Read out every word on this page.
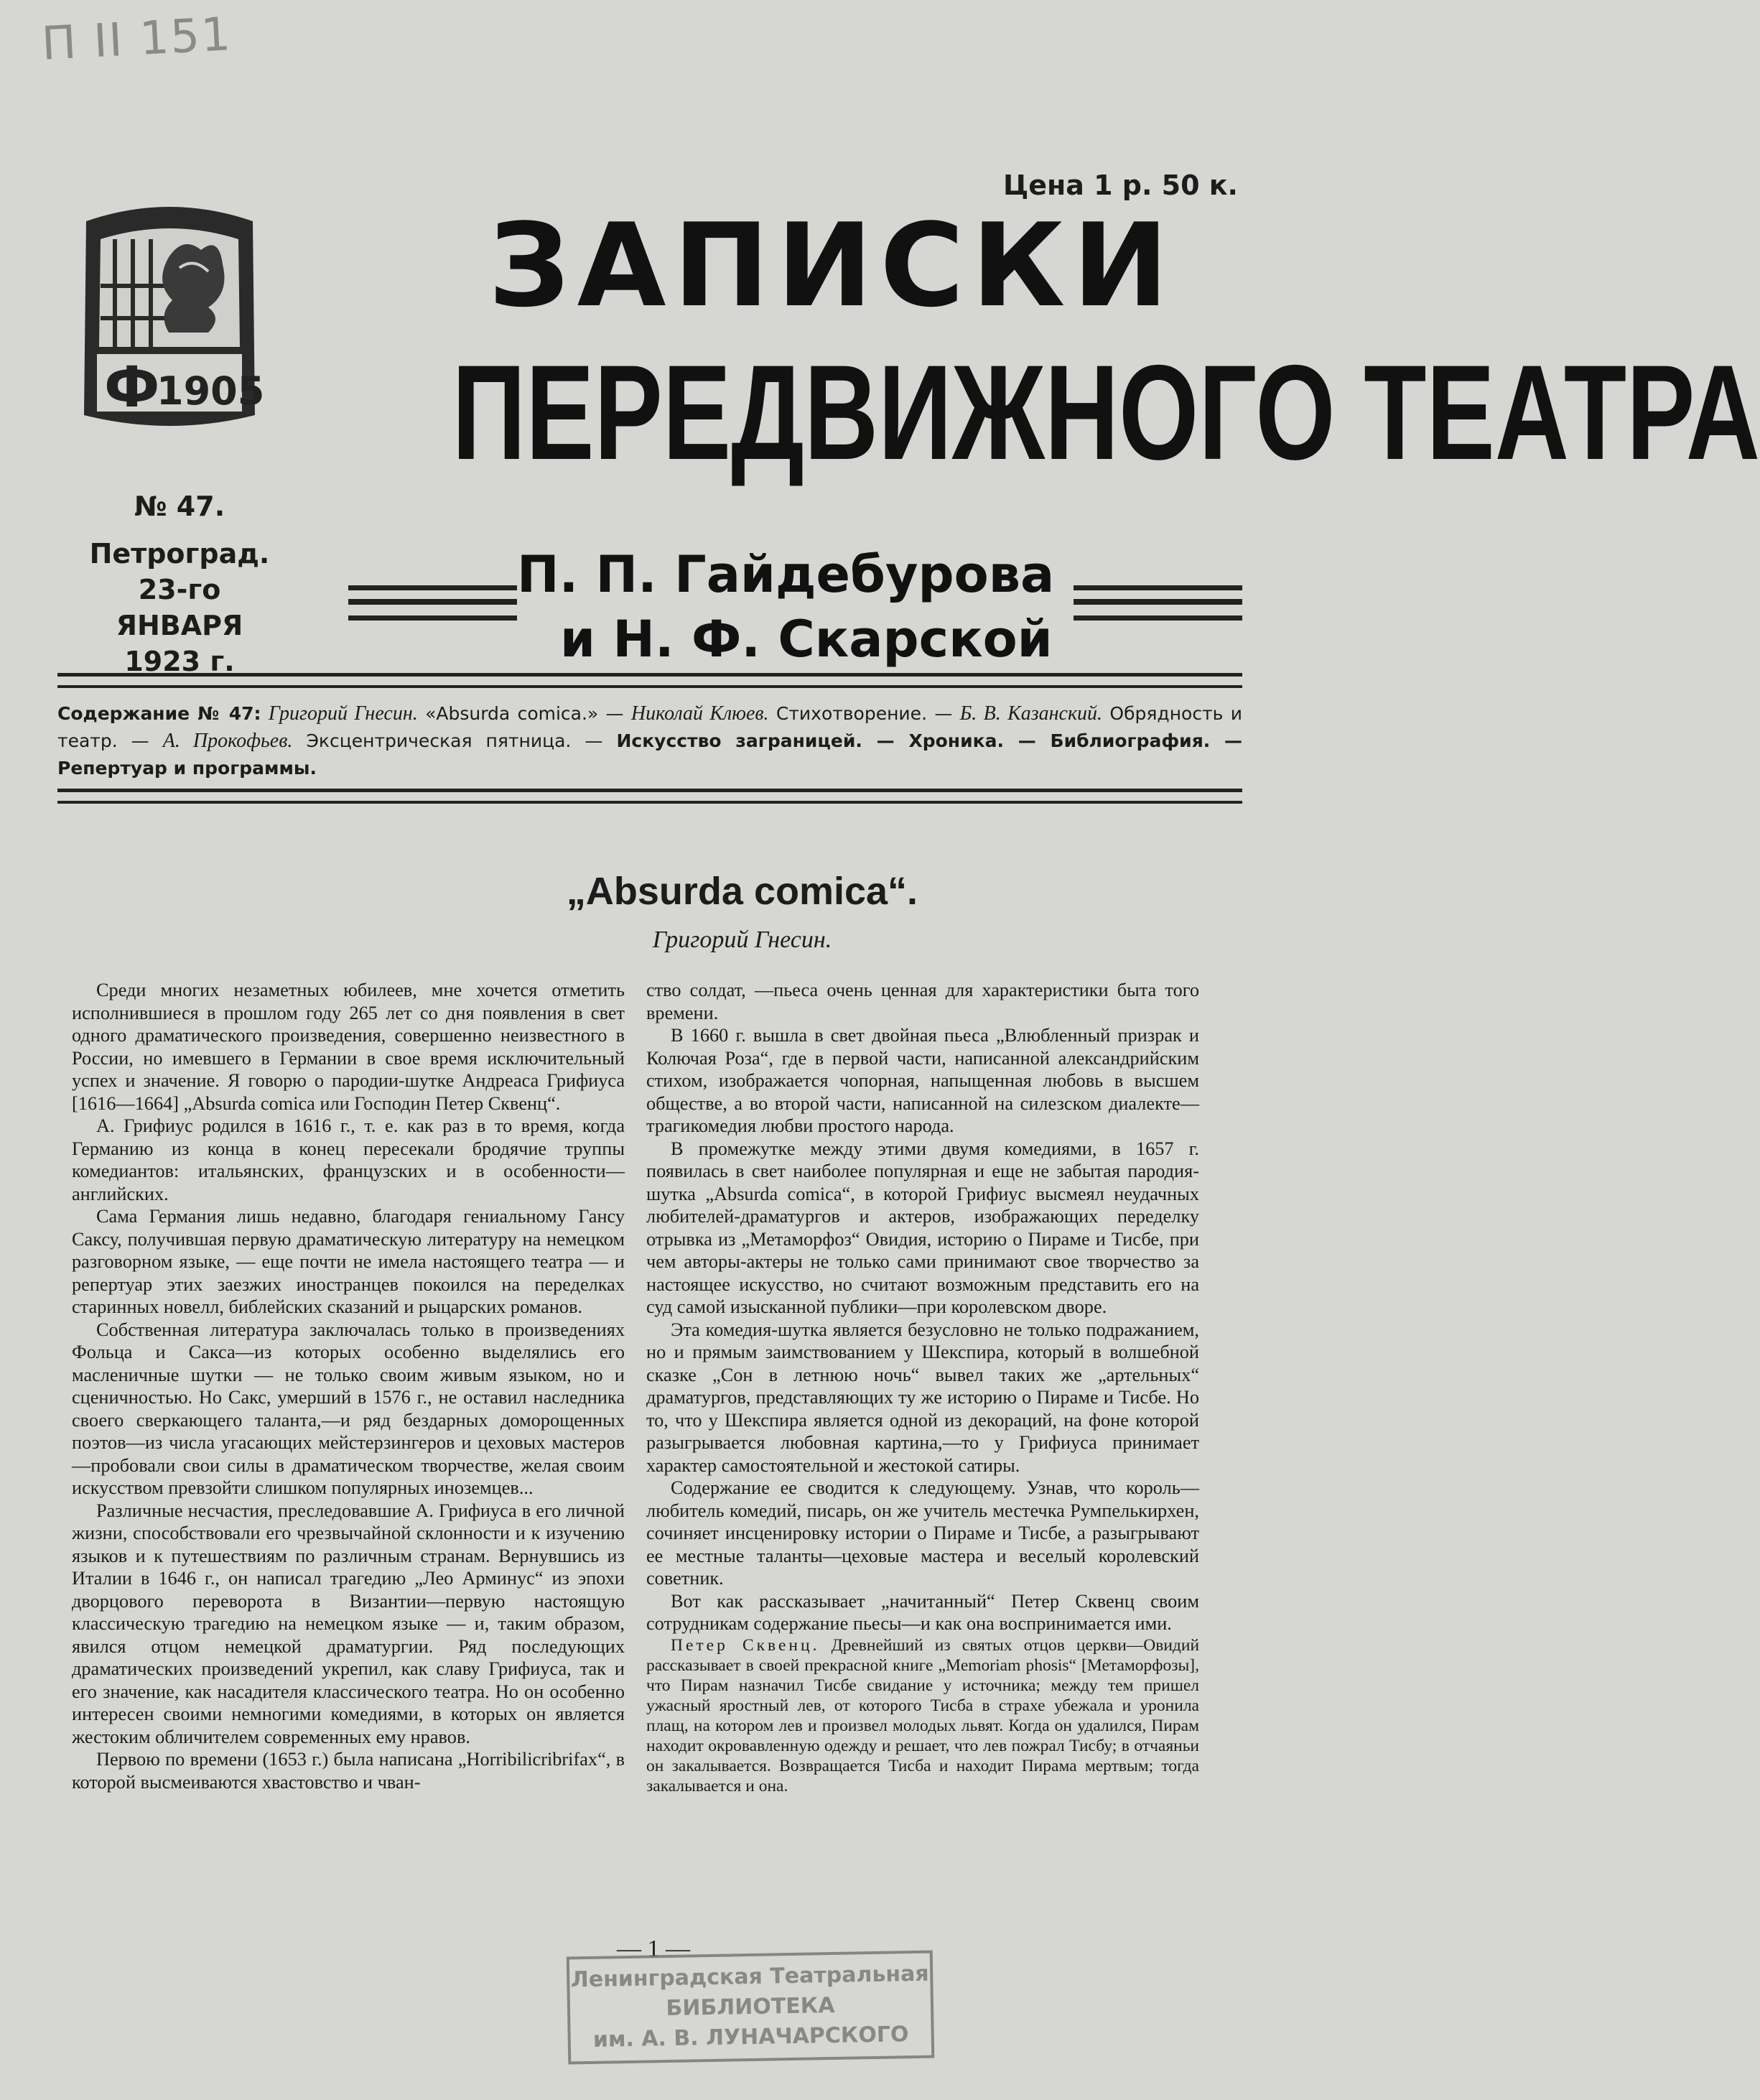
П II 151
Ф
1905
Цена 1 р. 50 к.
ЗАПИСКИ
ПЕРЕДВИЖНОГО ТЕАТРА
№ 47.
Петроград.
23-го ЯНВАРЯ
1923 г.
П. П. Гайдебурова
и Н. Ф. Скарской
Содержание № 47: Григорий Гнесин. «Absurda comica.» — Николай Клюев. Стихотворение. — Б. В. Казанский. Обрядность и театр. — А. Прокофьев. Эксцентрическая пятница. — Искусство заграницей. — Хроника. — Библиография. — Репертуар и программы.
„Absurda comica“.
Григорий Гнесин.

Среди многих незаметных юбилеев, мне хочется отметить исполнившиеся в прошлом году 265 лет со дня появления в свет одного драматического произведения, совершенно неизвестного в России, но имевшего в Германии в свое время исключительный успех и значение. Я говорю о пародии-шутке Андреаса Грифиуса [1616—1664] „Absurda comica или Господин Петер Сквенц“.

А. Грифиус родился в 1616 г., т. е. как раз в то время, когда Германию из конца в конец пересекали бродячие труппы комедиантов: итальянских, французских и в особенности—английских.

Сама Германия лишь недавно, благодаря гениальному Гансу Саксу, получившая первую драматическую литературу на немецком разговорном языке, — еще почти не имела настоящего театра — и репертуар этих заезжих иностранцев покоился на переделках старинных новелл, библейских сказаний и рыцарских романов.

Собственная литература заключалась только в произведениях Фольца и Сакса—из которых особенно выделялись его масленичные шутки — не только своим живым языком, но и сценичностью. Но Сакс, умерший в 1576 г., не оставил наследника своего сверкающего таланта,—и ряд бездарных доморощенных поэтов—из числа угасающих мейстерзингеров и цеховых мастеров—пробовали свои силы в драматическом творчестве, желая своим искусством превзойти слишком популярных иноземцев...

Различные несчастия, преследовавшие А. Грифиуса в его личной жизни, способствовали его чрезвычайной склонности и к изучению языков и к путешествиям по различным странам. Вернувшись из Италии в 1646 г., он написал трагедию „Лео Арминус“ из эпохи дворцового переворота в Византии—первую настоящую классическую трагедию на немецком языке — и, таким образом, явился отцом немецкой драматургии. Ряд последующих драматических произведений укрепил, как славу Грифиуса, так и его значение, как насадителя классического театра. Но он особенно интересен своими немногими комедиями, в которых он является жестоким обличителем современных ему нравов.

Первою по времени (1653 г.) была написана „Horribilicribrifax“, в которой высмеиваются хвастовство и чван-

ство солдат, —пьеса очень ценная для характеристики быта того времени.

В 1660 г. вышла в свет двойная пьеса „Влюбленный призрак и Колючая Роза“, где в первой части, написанной александрийским стихом, изображается чопорная, напыщенная любовь в высшем обществе, а во второй части, написанной на силезском диалекте—трагикомедия любви простого народа.

В промежутке между этими двумя комедиями, в 1657 г. появилась в свет наиболее популярная и еще не забытая пародия-шутка „Absurda comica“, в которой Грифиус высмеял неудачных любителей-драматургов и актеров, изображающих переделку отрывка из „Метаморфоз“ Овидия, историю о Пираме и Тисбе, при чем авторы-актеры не только сами принимают свое творчество за настоящее искусство, но считают возможным представить его на суд самой изысканной публики—при королевском дворе.

Эта комедия-шутка является безусловно не только подражанием, но и прямым заимствованием у Шекспира, который в волшебной сказке „Сон в летнюю ночь“ вывел таких же „артельных“ драматургов, представляющих ту же историю о Пираме и Тисбе. Но то, что у Шекспира является одной из декораций, на фоне которой разыгрывается любовная картина,—то у Грифиуса принимает характер самостоятельной и жестокой сатиры.

Содержание ее сводится к следующему. Узнав, что король—любитель комедий, писарь, он же учитель местечка Румпелькирхен, сочиняет инсценировку истории о Пираме и Тисбе, а разыгрывают ее местные таланты—цеховые мастера и веселый королевский советник.

Вот как рассказывает „начитанный“ Петер Сквенц своим сотрудникам содержание пьесы—и как она воспринимается ими.

Петер Сквенц. Древнейший из святых отцов церкви—Овидий рассказывает в своей прекрасной книге „Memoriam phosis“ [Метаморфозы], что Пирам назначил Тисбе свидание у источника; между тем пришел ужасный яростный лев, от которого Тисба в страхе убежала и уронила плащ, на котором лев и произвел молодых львят. Когда он удалился, Пирам находит окровавленную одежду и решает, что лев пожрал Тисбу; в отчаяньи он закалывается. Возвращается Тисба и находит Пирама мертвым; тогда закалывается и она.

— 1 —
Ленинградская Театральная
БИБЛИОТЕКА
им. А. В. ЛУНАЧАРСКОГО
